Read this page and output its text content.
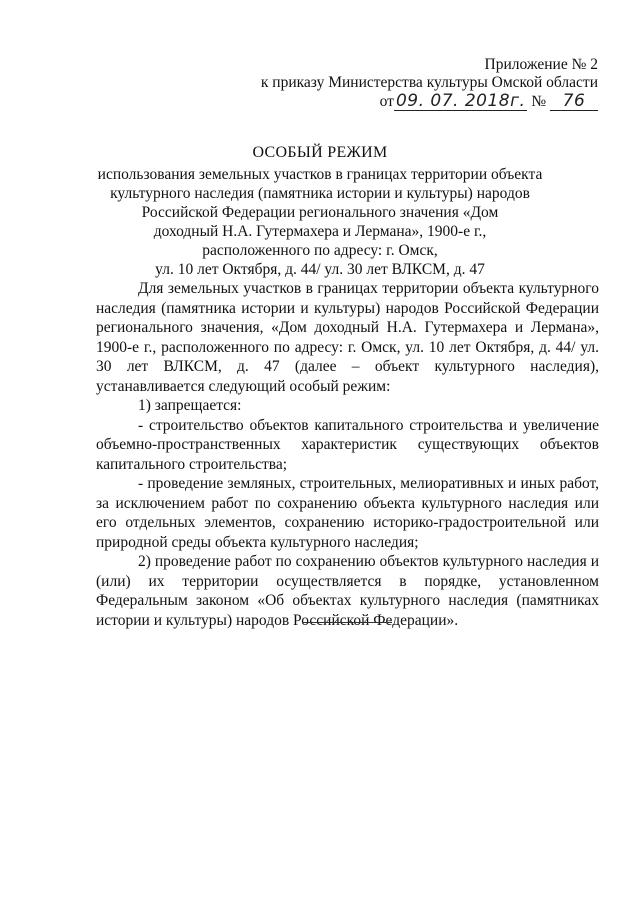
Приложение № 2
к приказу Министерства культуры Омской области
от 09. 07. 2018г. № 76
ОСОБЫЙ РЕЖИМ
использования земельных участков в границах территории объекта
культурного наследия (памятника истории и культуры) народов
Российской Федерации регионального значения «Дом
доходный Н.А. Гутермахера и Лермана», 1900-е г.,
расположенного по адресу: г. Омск,
ул. 10 лет Октября, д. 44/ ул. 30 лет ВЛКСМ, д. 47

Для земельных участков в границах территории объекта культурного наследия (памятника истории и культуры) народов Российской Федерации регионального значения, «Дом доходный Н.А. Гутермахера и Лермана», 1900-е г., расположенного по адресу: г. Омск, ул. 10 лет Октября, д. 44/ ул. 30 лет ВЛКСМ, д. 47 (далее – объект культурного наследия), устанавливается следующий особый режим:

1) запрещается:

- строительство объектов капитального строительства и увеличение объемно-пространственных характеристик существующих объектов капитального строительства;

- проведение земляных, строительных, мелиоративных и иных работ, за исключением работ по сохранению объекта культурного наследия или его отдельных элементов, сохранению историко-градостроительной или природной среды объекта культурного наследия;

2) проведение работ по сохранению объектов культурного наследия и (или) их территории осуществляется в порядке, установленном Федеральным законом «Об объектах культурного наследия (памятниках истории и культуры) народов Российской Федерации».
